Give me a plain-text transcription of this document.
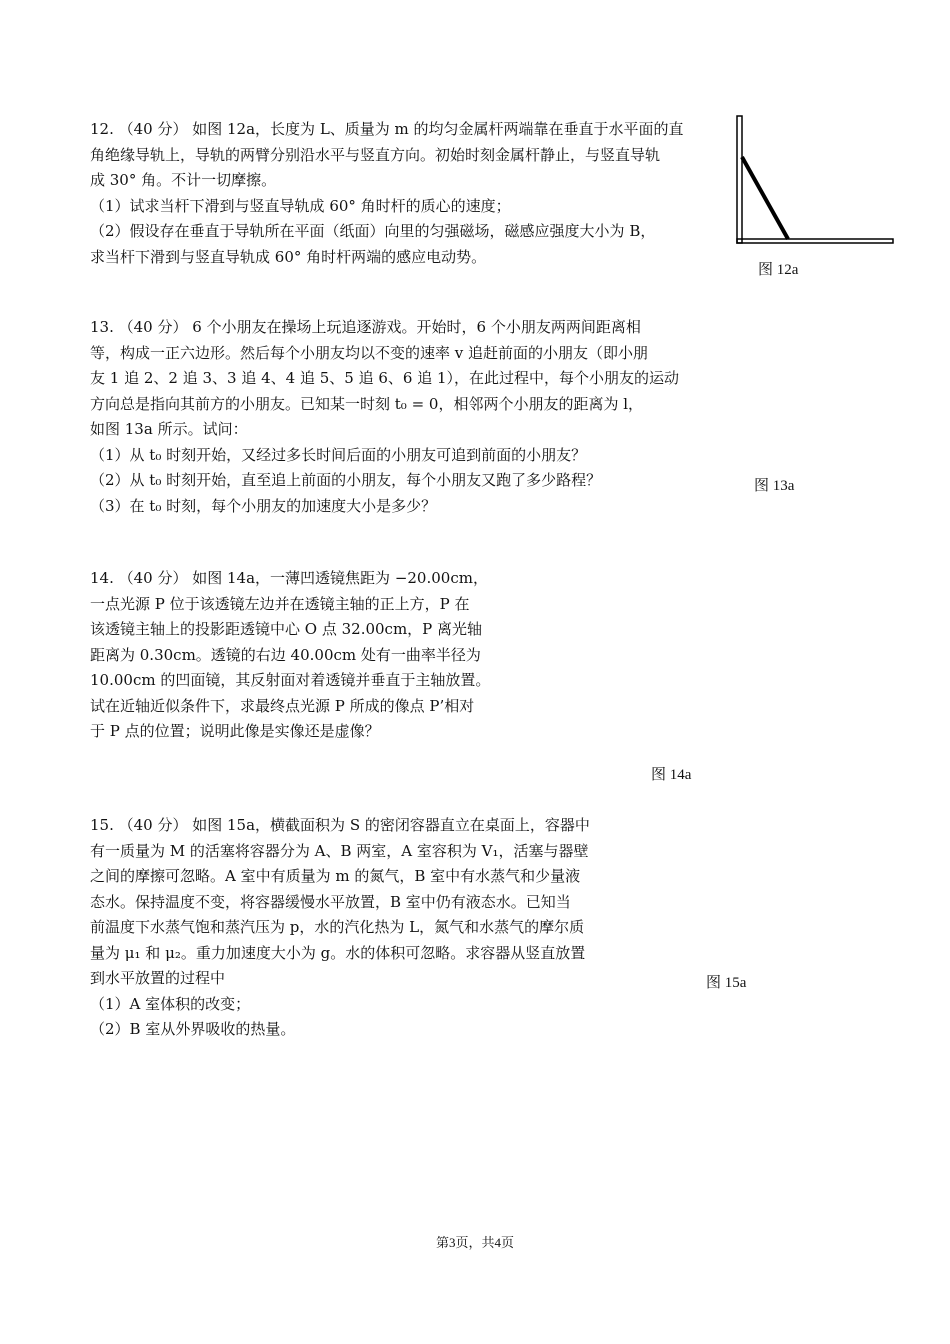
12. （40 分） 如图 12a，长度为 L、质量为 m 的均匀金属杆两端靠在垂直于水平面的直
角绝缘导轨上，导轨的两臂分别沿水平与竖直方向。初始时刻金属杆静止，与竖直导轨
成 30° 角。不计一切摩擦。
（1）试求当杆下滑到与竖直导轨成 60° 角时杆的质心的速度；
（2）假设存在垂直于导轨所在平面（纸面）向里的匀强磁场，磁感应强度大小为 B，
求当杆下滑到与竖直导轨成 60° 角时杆两端的感应电动势。
图 12a
13. （40 分） 6 个小朋友在操场上玩追逐游戏。开始时，6 个小朋友两两间距离相
等，构成一正六边形。然后每个小朋友均以不变的速率 v 追赶前面的小朋友（即小朋
友 1 追 2、2 追 3、3 追 4、4 追 5、5 追 6、6 追 1），在此过程中，每个小朋友的运动
方向总是指向其前方的小朋友。已知某一时刻 t₀ = 0，相邻两个小朋友的距离为 l，
如图 13a 所示。试问：
（1）从 t₀ 时刻开始，又经过多长时间后面的小朋友可追到前面的小朋友？
（2）从 t₀ 时刻开始，直至追上前面的小朋友，每个小朋友又跑了多少路程？
（3）在 t₀ 时刻，每个小朋友的加速度大小是多少？
图 13a
14. （40 分） 如图 14a，一薄凹透镜焦距为 −20.00cm，
一点光源 P 位于该透镜左边并在透镜主轴的正上方，P 在
该透镜主轴上的投影距透镜中心 O 点 32.00cm，P 离光轴
距离为 0.30cm。透镜的右边 40.00cm 处有一曲率半径为
10.00cm 的凹面镜，其反射面对着透镜并垂直于主轴放置。
试在近轴近似条件下，求最终点光源 P 所成的像点 P’相对
于 P 点的位置；说明此像是实像还是虚像？
图 14a
15. （40 分） 如图 15a，横截面积为 S 的密闭容器直立在桌面上，容器中
有一质量为 M 的活塞将容器分为 A、B 两室，A 室容积为 V₁，活塞与器壁
之间的摩擦可忽略。A 室中有质量为 m 的氮气，B 室中有水蒸气和少量液
态水。保持温度不变，将容器缓慢水平放置，B 室中仍有液态水。已知当
前温度下水蒸气饱和蒸汽压为 p，水的汽化热为 L，氮气和水蒸气的摩尔质
量为 μ₁ 和 μ₂。重力加速度大小为 g。水的体积可忽略。求容器从竖直放置
到水平放置的过程中
（1）A 室体积的改变；
（2）B 室从外界吸收的热量。
图 15a
第3页，共4页
